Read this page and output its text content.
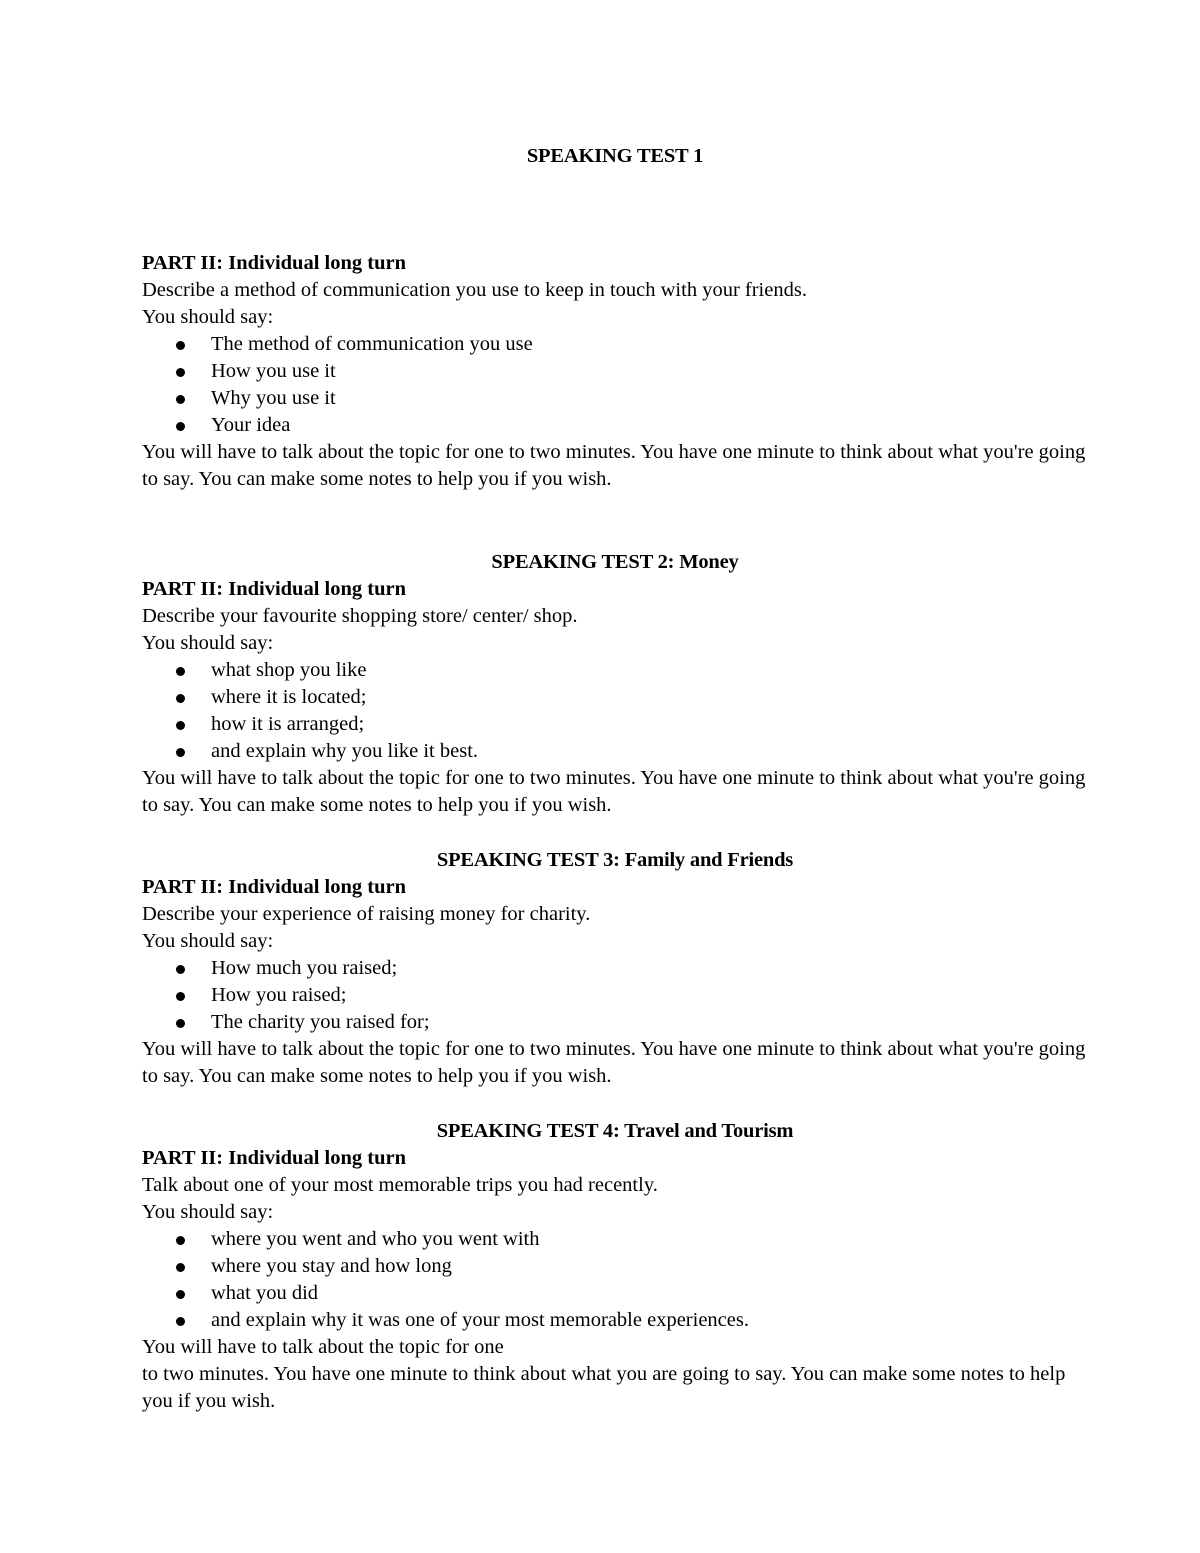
SPEAKING TEST 1

PART II: Individual long turn

Describe a method of communication you use to keep in touch with your friends.

You should say:

The method of communication you use
How you use it
Why you use it
Your idea

You will have to talk about the topic for one to two minutes. You have one minute to think about what you're going to say. You can make some notes to help you if you wish.

SPEAKING TEST 2: Money

PART II: Individual long turn

Describe your favourite shopping store/ center/ shop.

You should say:

what shop you like
where it is located;
how it is arranged;
and explain why you like it best.

You will have to talk about the topic for one to two minutes. You have one minute to think about what you're going to say. You can make some notes to help you if you wish.

SPEAKING TEST 3: Family and Friends

PART II: Individual long turn

Describe your experience of raising money for charity.

You should say:

How much you raised;
How you raised;
The charity you raised for;

You will have to talk about the topic for one to two minutes. You have one minute to think about what you're going to say. You can make some notes to help you if you wish.

SPEAKING TEST 4: Travel and Tourism

PART II: Individual long turn

Talk about one of your most memorable trips you had recently.

You should say:

where you went and who you went with
where you stay and how long
what you did
and explain why it was one of your most memorable experiences.

You will have to talk about the topic for one

to two minutes. You have one minute to think about what you are going to say. You can make some notes to help you if you wish.
